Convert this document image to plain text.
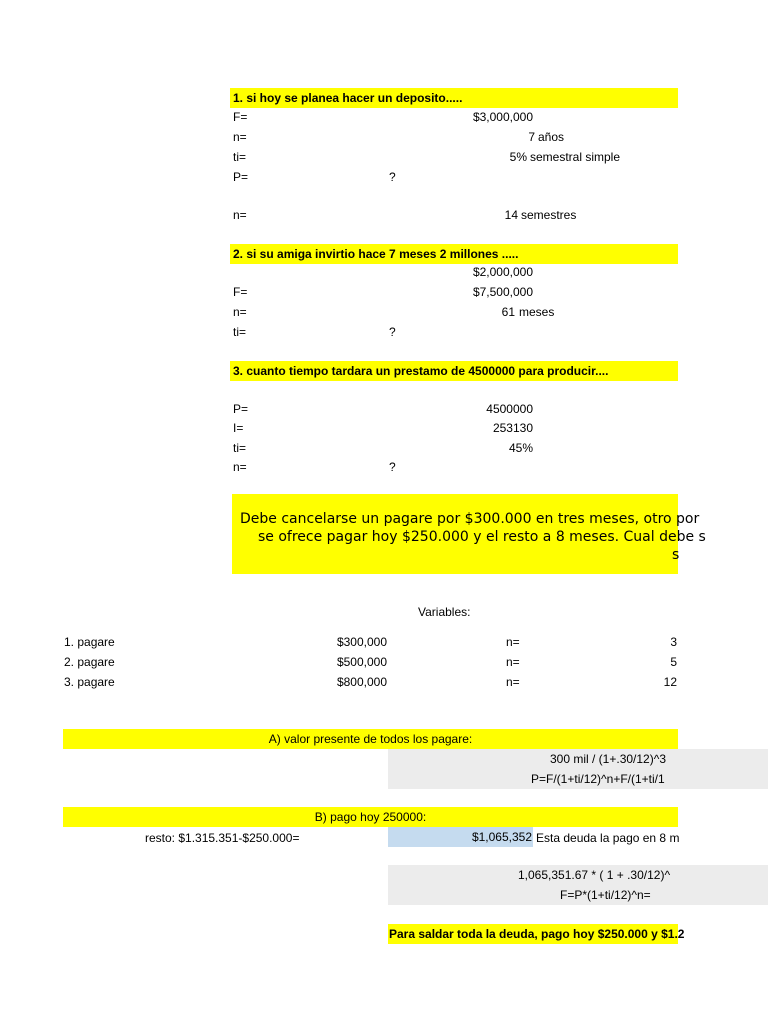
1. si hoy se planea hacer un deposito.....
F=	$3,000,000
n=	7 años
ti=	5% semestral simple
P=	?
n=	14 semestres
2. si su amiga invirtio hace 7 meses 2 millones .....
$2,000,000
F=	$7,500,000
n=	61 meses
ti=	?
3. cuanto tiempo tardara un prestamo de 4500000 para producir....
P=	4500000
I=	253130
ti=	45%
n=	?
Debe cancelarse un pagare por $300.000 en tres meses, otro por
se ofrece pagar hoy $250.000 y el resto a 8 meses. Cual debe s
s
Variables:
1. pagare	$300,000	n=	3
2. pagare	$500,000	n=	5
3. pagare	$800,000	n=	12
A) valor presente de todos los pagare:
300 mil / (1+.30/12)^3
P=F/(1+ti/12)^n+F/(1+ti/1
B) pago hoy 250000:
resto: $1.315.351-$250.000=	$1,065,352 Esta deuda la pago en 8 m
1,065,351.67 * ( 1 + .30/12)^
F=P*(1+ti/12)^n=
Para saldar toda la deuda, pago hoy $250.000 y $1.2
